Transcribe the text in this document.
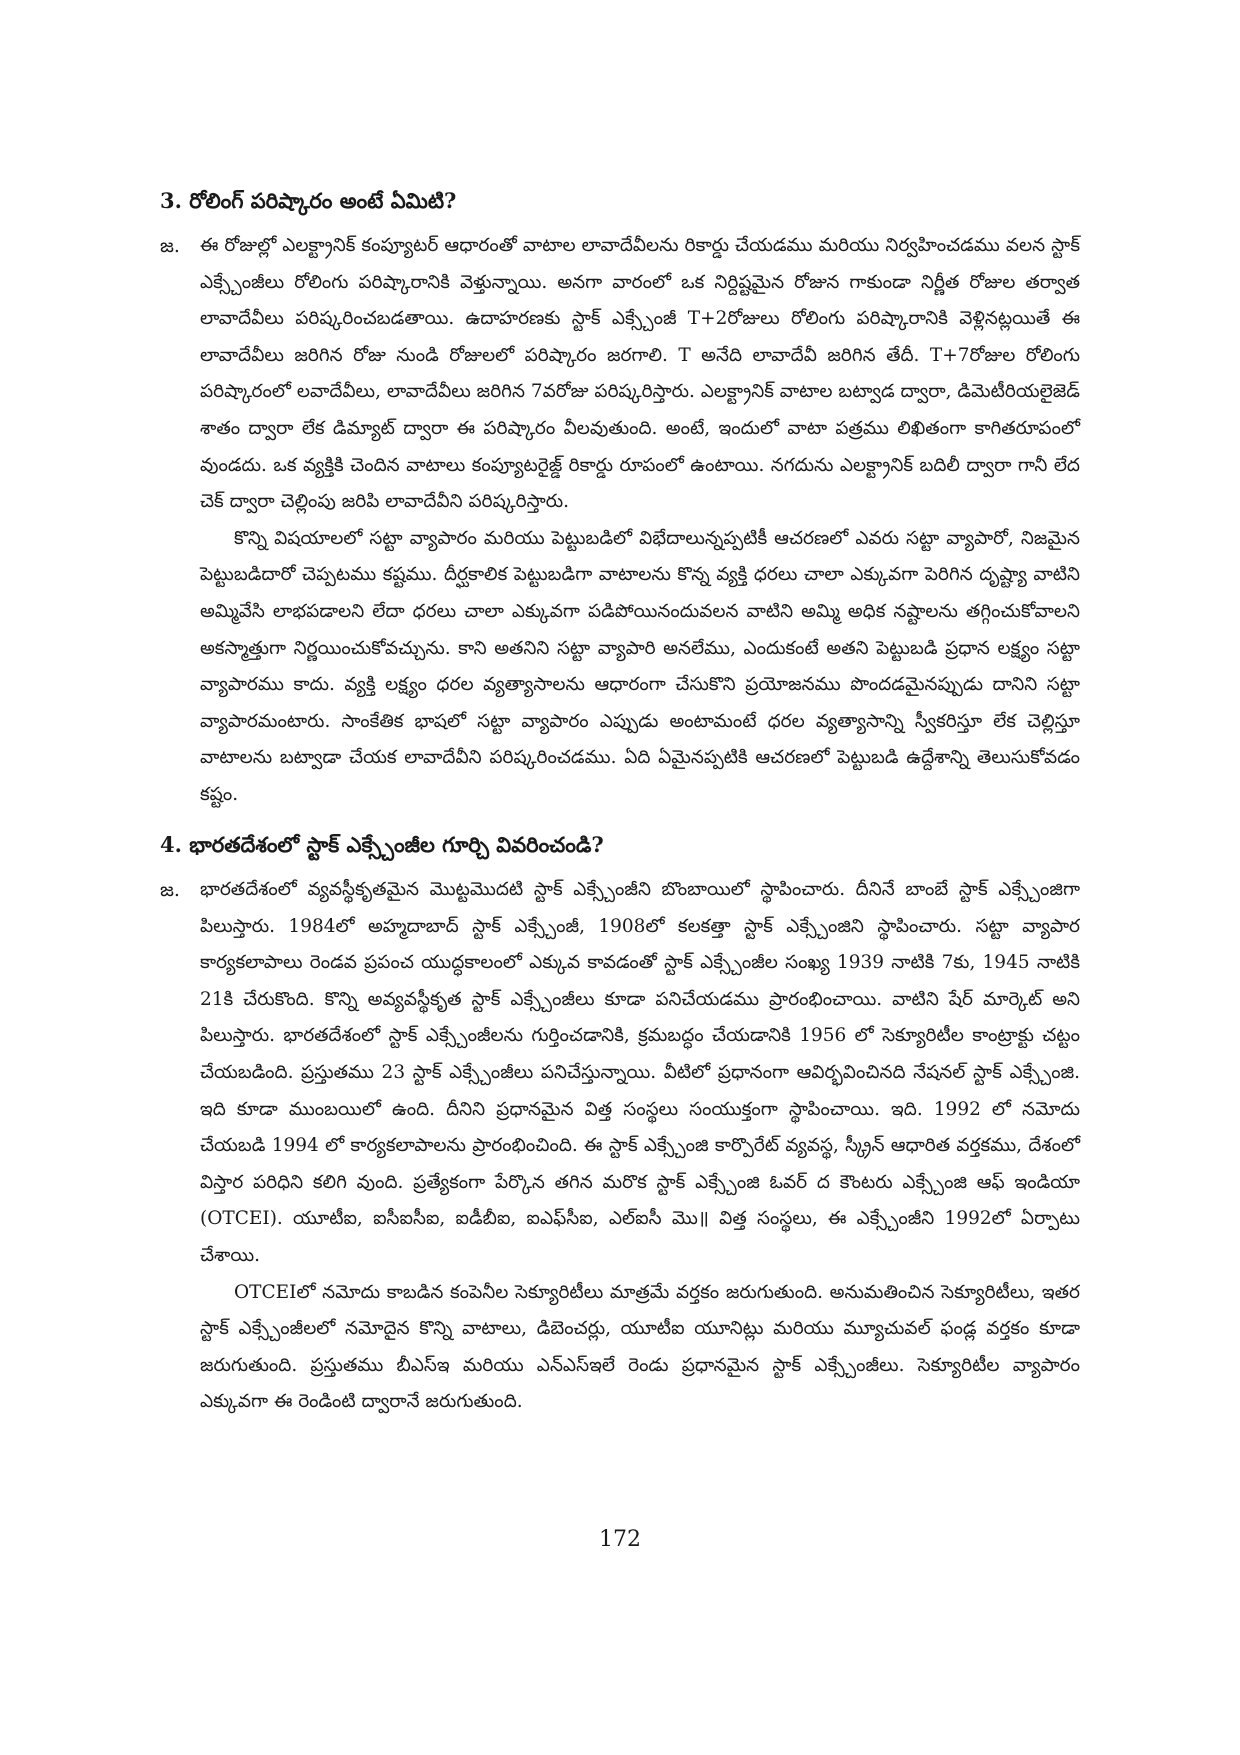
3. రోలింగ్ పరిష్కారం అంటే ఏమిటి?
జ. ఈ రోజుల్లో ఎలక్ట్రానిక్ కంప్యూటర్ ఆధారంతో వాటాల లావాదేవీలను రికార్డు చేయడము మరియు నిర్వహించడము వలన స్టాక్ ఎక్స్చేంజీలు రోలింగు పరిష్కారానికి వెళ్తున్నాయి. అనగా వారంలో ఒక నిర్దిష్టమైన రోజున గాకుండా నిర్ణీత రోజుల తర్వాత లావాదేవీలు పరిష్కరించబడతాయి. ఉదాహరణకు స్టాక్ ఎక్స్చేంజీ T+2రోజులు రోలింగు పరిష్కారానికి వెళ్లినట్లయితే ఈ లావాదేవీలు జరిగిన రోజు నుండి రోజులలో పరిష్కారం జరగాలి. T అనేది లావాదేవీ జరిగిన తేదీ. T+7రోజుల రోలింగు పరిష్కారంలో లవాదేవీలు, లావాదేవీలు జరిగిన 7వరోజు పరిష్కరిస్తారు. ఎలక్ట్రానిక్ వాటాల బట్వాడ ద్వారా, డిమెటీరియలైజెడ్ శాతం ద్వారా లేక డిమ్యాట్ ద్వారా ఈ పరిష్కారం వీలవుతుంది. అంటే, ఇందులో వాటా పత్రము లిఖితంగా కాగితరూపంలో వుండదు. ఒక వ్యక్తికి చెందిన వాటాలు కంప్యూటరైజ్డ్ రికార్డు రూపంలో ఉంటాయి. నగదును ఎలక్ట్రానిక్ బదిలీ ద్వారా గానీ లేద చెక్ ద్వారా చెల్లింపు జరిపి లావాదేవీని పరిష్కరిస్తారు.

కొన్ని విషయాలలో సట్టా వ్యాపారం మరియు పెట్టుబడిలో విభేదాలున్నప్పటికీ ఆచరణలో ఎవరు సట్టా వ్యాపారో, నిజమైన పెట్టుబడిదారో చెప్పటము కష్టము. దీర్ఘకాలిక పెట్టుబడిగా వాటాలను కొన్న వ్యక్తి ధరలు చాలా ఎక్కువగా పెరిగిన దృష్ట్యా వాటిని అమ్మివేసి లాభపడాలని లేదా ధరలు చాలా ఎక్కువగా పడిపోయినందువలన వాటిని అమ్మి అధిక నష్టాలను తగ్గించుకోవాలని అకస్మాత్తుగా నిర్ణయించుకోవచ్చును. కాని అతనిని సట్టా వ్యాపారి అనలేము, ఎందుకంటే అతని పెట్టుబడి ప్రధాన లక్ష్యం సట్టా వ్యాపారము కాదు. వ్యక్తి లక్ష్యం ధరల వ్యత్యాసాలను ఆధారంగా చేసుకొని ప్రయోజనము పొందడమైనప్పుడు దానిని సట్టా వ్యాపారమంటారు. సాంకేతిక భాషలో సట్టా వ్యాపారం ఎప్పుడు అంటామంటే ధరల వ్యత్యాసాన్ని స్వీకరిస్తూ లేక చెల్లిస్తూ వాటాలను బట్వాడా చేయక లావాదేవీని పరిష్కరించడము. ఏది ఏమైనప్పటికి ఆచరణలో పెట్టుబడి ఉద్దేశాన్ని తెలుసుకోవడం కష్టం.

4. భారతదేశంలో స్టాక్ ఎక్స్చేంజీల గూర్చి వివరించండి?
జ. భారతదేశంలో వ్యవస్థీకృతమైన మొట్టమొదటి స్టాక్ ఎక్స్చేంజీని బొంబాయిలో స్థాపించారు. దీనినే బాంబే స్టాక్ ఎక్స్చేంజిగా పిలుస్తారు. 1984లో అహ్మదాబాద్ స్టాక్ ఎక్స్చేంజీ, 1908లో కలకత్తా స్టాక్ ఎక్స్చేంజిని స్థాపించారు. సట్టా వ్యాపార కార్యకలాపాలు రెండవ ప్రపంచ యుద్ధకాలంలో ఎక్కువ కావడంతో స్టాక్ ఎక్స్చేంజీల సంఖ్య 1939 నాటికి 7కు, 1945 నాటికి 21కి చేరుకొంది. కొన్ని అవ్యవస్థీకృత స్టాక్ ఎక్స్చేంజీలు కూడా పనిచేయడము ప్రారంభించాయి. వాటిని షేర్ మార్కెట్ అని పిలుస్తారు. భారతదేశంలో స్టాక్ ఎక్స్చేంజీలను గుర్తించడానికి, క్రమబద్ధం చేయడానికి 1956 లో సెక్యూరిటీల కాంట్రాక్టు చట్టం చేయబడింది. ప్రస్తుతము 23 స్టాక్ ఎక్స్చేంజీలు పనిచేస్తున్నాయి. వీటిలో ప్రధానంగా ఆవిర్భవించినది నేషనల్ స్టాక్ ఎక్స్చేంజి. ఇది కూడా ముంబయిలో ఉంది. దీనిని ప్రధానమైన విత్త సంస్థలు సంయుక్తంగా స్థాపించాయి. ఇది. 1992 లో నమోదు చేయబడి 1994 లో కార్యకలాపాలను ప్రారంభించింది. ఈ స్టాక్ ఎక్స్చేంజి కార్పొరేట్ వ్యవస్థ, స్క్రీన్ ఆధారిత వర్తకము, దేశంలో విస్తార పరిధిని కలిగి వుంది. ప్రత్యేకంగా పేర్కొన తగిన మరొక స్టాక్ ఎక్స్చేంజి ఓవర్ ద కౌంటరు ఎక్స్చేంజి ఆఫ్ ఇండియా (OTCEI). యూటీఐ, ఐసీఐసీఐ, ఐడీబీఐ, ఐఎఫ్‌సీఐ, ఎల్ఐసీ మొ॥ విత్త సంస్థలు, ఈ ఎక్స్చేంజీని 1992లో ఏర్పాటు చేశాయి.

OTCEIలో నమోదు కాబడిన కంపెనీల సెక్యూరిటీలు మాత్రమే వర్తకం జరుగుతుంది. అనుమతించిన సెక్యూరిటీలు, ఇతర స్టాక్ ఎక్స్చేంజీలలో నమోదైన కొన్ని వాటాలు, డిబెంచర్లు, యూటీఐ యూనిట్లు మరియు మ్యూచువల్ ఫండ్ల వర్తకం కూడా జరుగుతుంది. ప్రస్తుతము బీఎస్ఇ మరియు ఎన్ఎస్ఇలే రెండు ప్రధానమైన స్టాక్ ఎక్స్చేంజీలు. సెక్యూరిటీల వ్యాపారం ఎక్కువగా ఈ రెండింటి ద్వారానే జరుగుతుంది.

172
